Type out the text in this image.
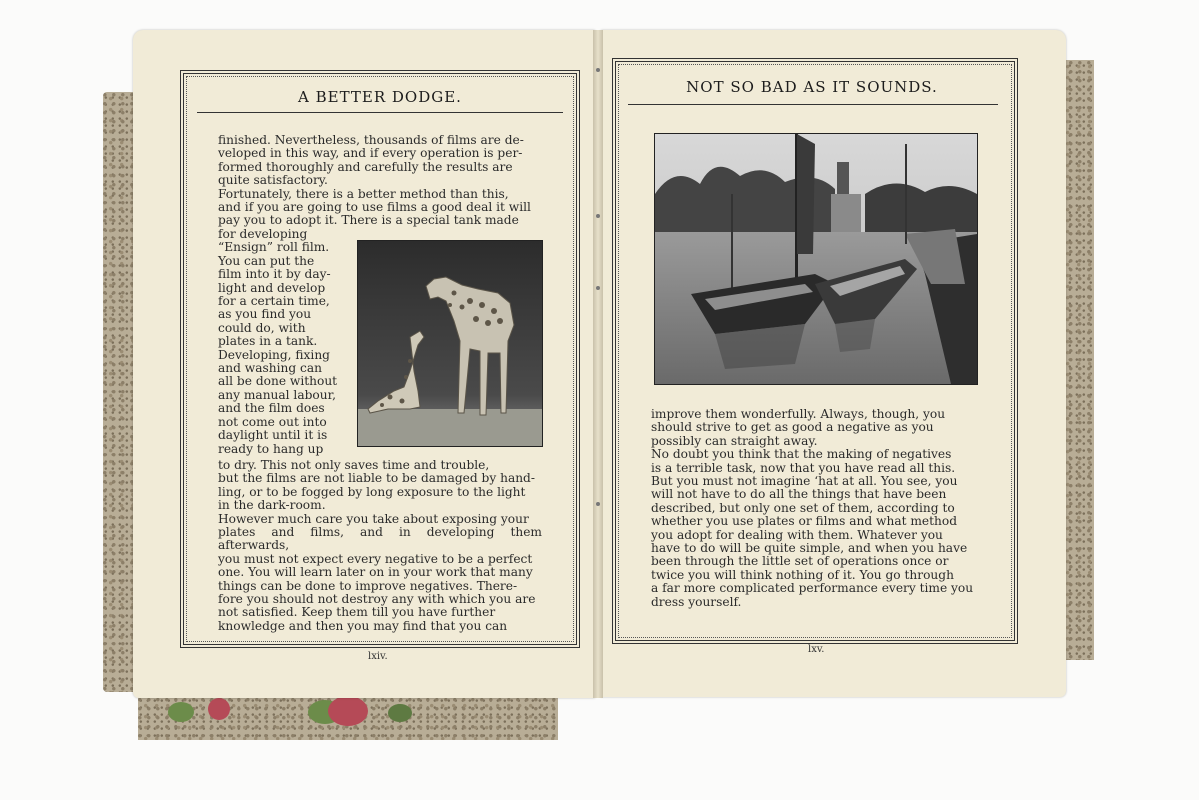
A BETTER DODGE.
finished. Nevertheless, thousands of films are de-
veloped in this way, and if every operation is per-
formed thoroughly and carefully the results are
quite satisfactory.
Fortunately, there is a better method than this,
and if you are going to use films a good deal it will
pay you to adopt it. There is a special tank made
for developing
“Ensign” roll film.
You can put the
film into it by day-
light and develop
for a certain time,
as you find you
could do, with
plates in a tank.
Developing, fixing
and washing can
all be done without
any manual labour,
and the film does
not come out into
daylight until it is
ready to hang up
to dry. This not only saves time and trouble,
but the films are not liable to be damaged by hand-
ling, or to be fogged by long exposure to the light
in the dark-room.
However much care you take about exposing your
plates and films, and in developing them afterwards,
you must not expect every negative to be a perfect
one. You will learn later on in your work that many
things can be done to improve negatives. There-
fore you should not destroy any with which you are
not satisfied. Keep them till you have further
knowledge and then you may find that you can
lxiv.
NOT SO BAD AS IT SOUNDS.
improve them wonderfully. Always, though, you
should strive to get as good a negative as you
possibly can straight away.
No doubt you think that the making of negatives
is a terrible task, now that you have read all this.
But you must not imagine ‘hat at all. You see, you
will not have to do all the things that have been
described, but only one set of them, according to
whether you use plates or films and what method
you adopt for dealing with them. Whatever you
have to do will be quite simple, and when you have
been through the little set of operations once or
twice you will think nothing of it. You go through
a far more complicated performance every time you
dress yourself.
lxv.
